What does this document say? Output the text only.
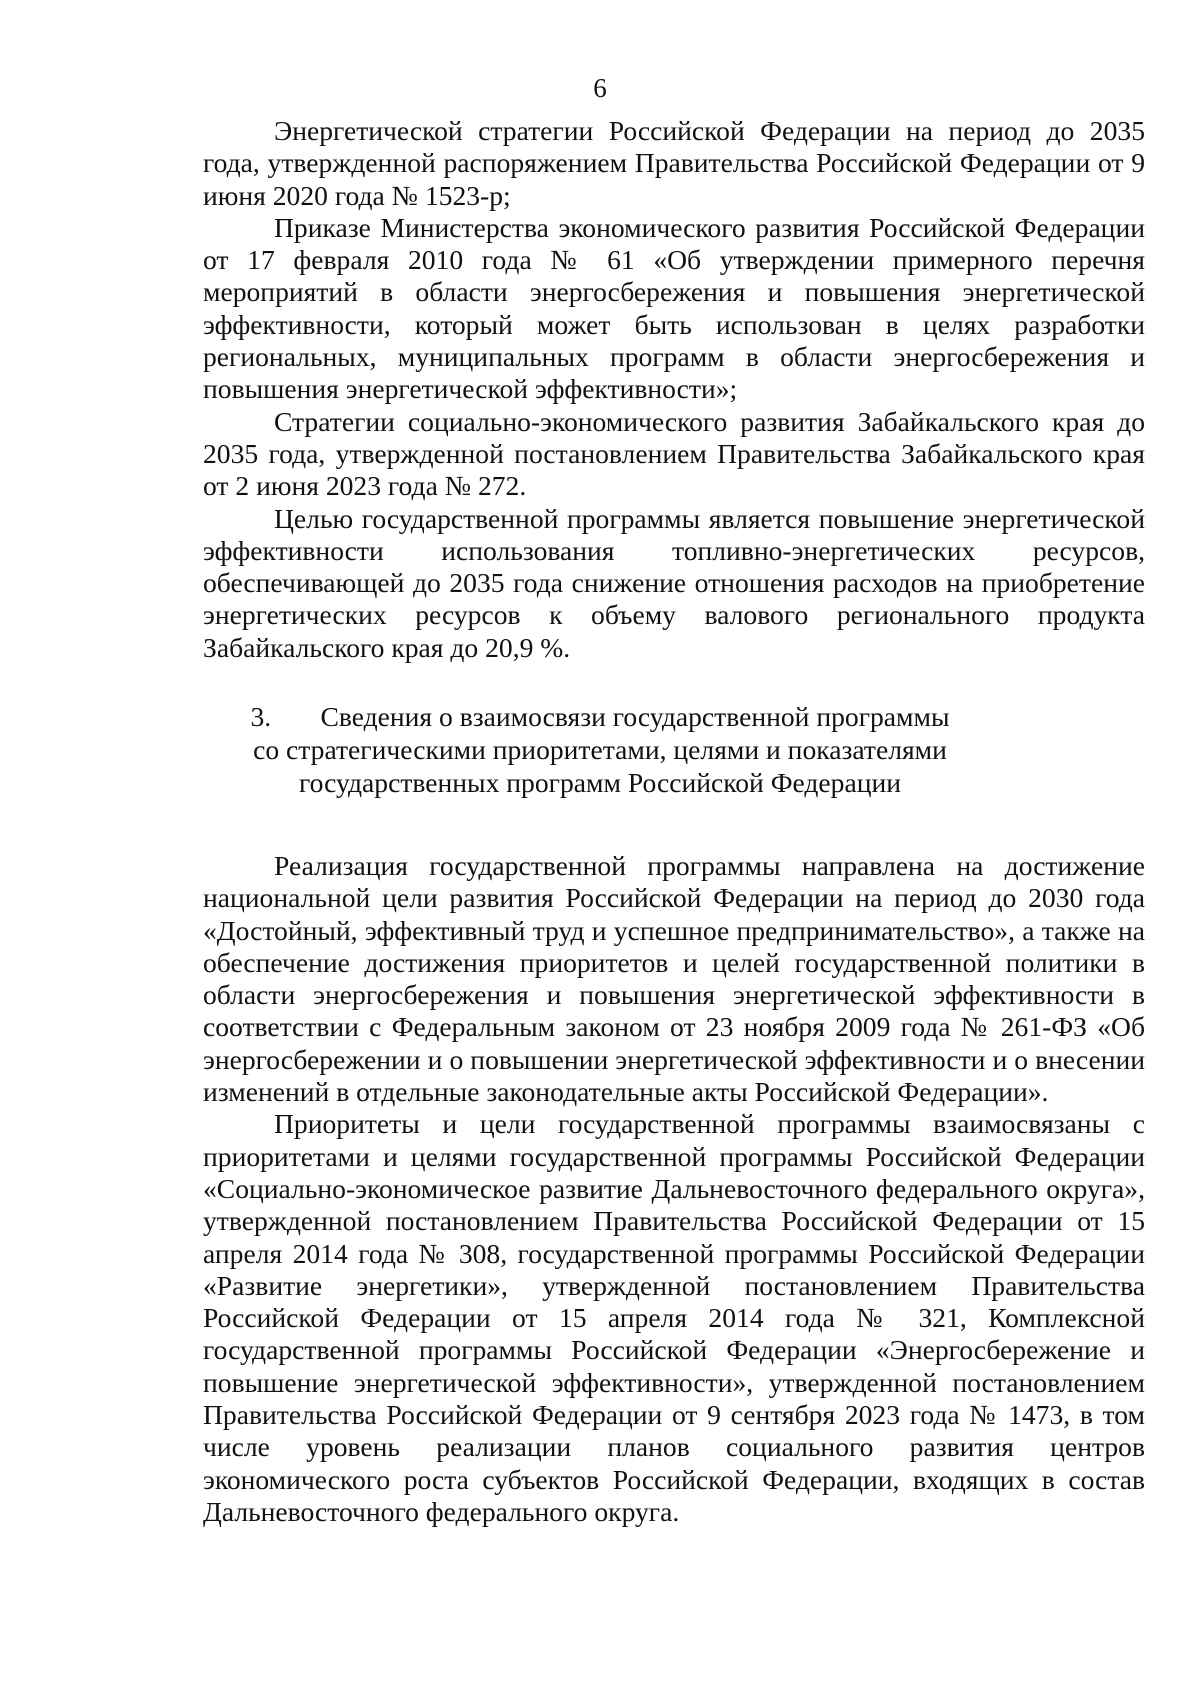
6

Энергетической стратегии Российской Федерации на период до 2035 года, утвержденной распоряжением Правительства Российской Федерации от 9 июня 2020 года № 1523-р;

Приказе Министерства экономического развития Российской Федерации от 17 февраля 2010 года № 61 «Об утверждении примерного перечня мероприятий в области энергосбережения и повышения энергетической эффективности, который может быть использован в целях разработки региональных, муниципальных программ в области энергосбережения и повышения энергетической эффективности»;

Стратегии социально-экономического развития Забайкальского края до 2035 года, утвержденной постановлением Правительства Забайкальского края от 2 июня 2023 года № 272.

Целью государственной программы является повышение энергетической эффективности использования топливно-энергетических ресурсов, обеспечивающей до 2035 года снижение отношения расходов на приобретение энергетических ресурсов к объему валового регионального продукта Забайкальского края до 20,9 %.

3. Сведения о взаимосвязи государственной программы

со стратегическими приоритетами, целями и показателями

государственных программ Российской Федерации

Реализация государственной программы направлена на достижение национальной цели развития Российской Федерации на период до 2030 года «Достойный, эффективный труд и успешное предпринимательство», а также на обеспечение достижения приоритетов и целей государственной политики в области энергосбережения и повышения энергетической эффективности в соответствии с Федеральным законом от 23 ноября 2009 года № 261-ФЗ «Об энергосбережении и о повышении энергетической эффективности и о внесении изменений в отдельные законодательные акты Российской Федерации».

Приоритеты и цели государственной программы взаимосвязаны с приоритетами и целями государственной программы Российской Федерации «Социально-экономическое развитие Дальневосточного федерального округа», утвержденной постановлением Правительства Российской Федерации от 15 апреля 2014 года № 308, государственной программы Российской Федерации «Развитие энергетики», утвержденной постановлением Правительства Российской Федерации от 15 апреля 2014 года № 321, Комплексной государственной программы Российской Федерации «Энергосбережение и повышение энергетической эффективности», утвержденной постановлением Правительства Российской Федерации от 9 сентября 2023 года № 1473, в том числе уровень реализации планов социального развития центров экономического роста субъектов Российской Федерации, входящих в состав Дальневосточного федерального округа.
